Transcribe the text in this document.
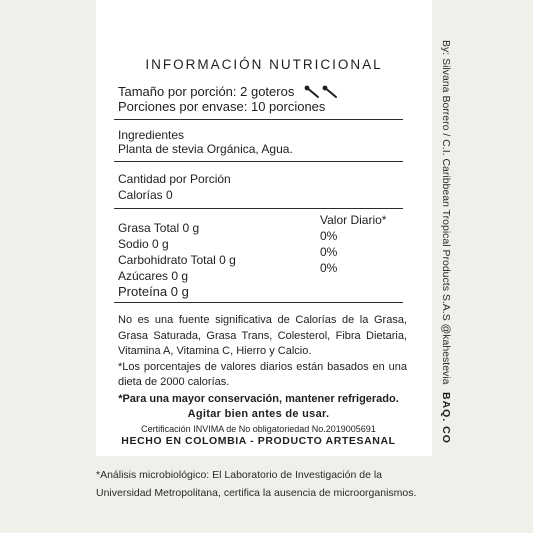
INFORMACIÓN NUTRICIONAL
Tamaño por porción: 2 goteros
Porciones por envase: 10 porciones
Ingredientes
Planta de stevia Orgánica, Agua.
Cantidad por Porción
Calorías 0
Grasa Total 0 g
Sodio 0 g
Carbohidrato Total 0 g
Azúcares 0 g
Proteína 0 g
Valor Diario*
0%
0%
0%
No es una fuente significativa de Calorías de la Grasa, Grasa Saturada, Grasa Trans, Colesterol, Fibra Dietaria, Vitamina A, Vitamina C, Hierro y Calcio.
*Los porcentajes de valores diarios están basados en una dieta de 2000 calorías.
*Para una mayor conservación, mantener refrigerado.
Agitar bien antes de usar.
Certificación INVIMA de No obligatoriedad No.2019005691
HECHO EN COLOMBIA - PRODUCTO ARTESANAL
By: Silvana Borrero / C.I. Caribbean Tropical Products S.A.S @kahestevia
BAQ. CO
*Análisis microbiológico: El Laboratorio de Investigación de la Universidad Metropolitana, certifica la ausencia de microorganismos.
